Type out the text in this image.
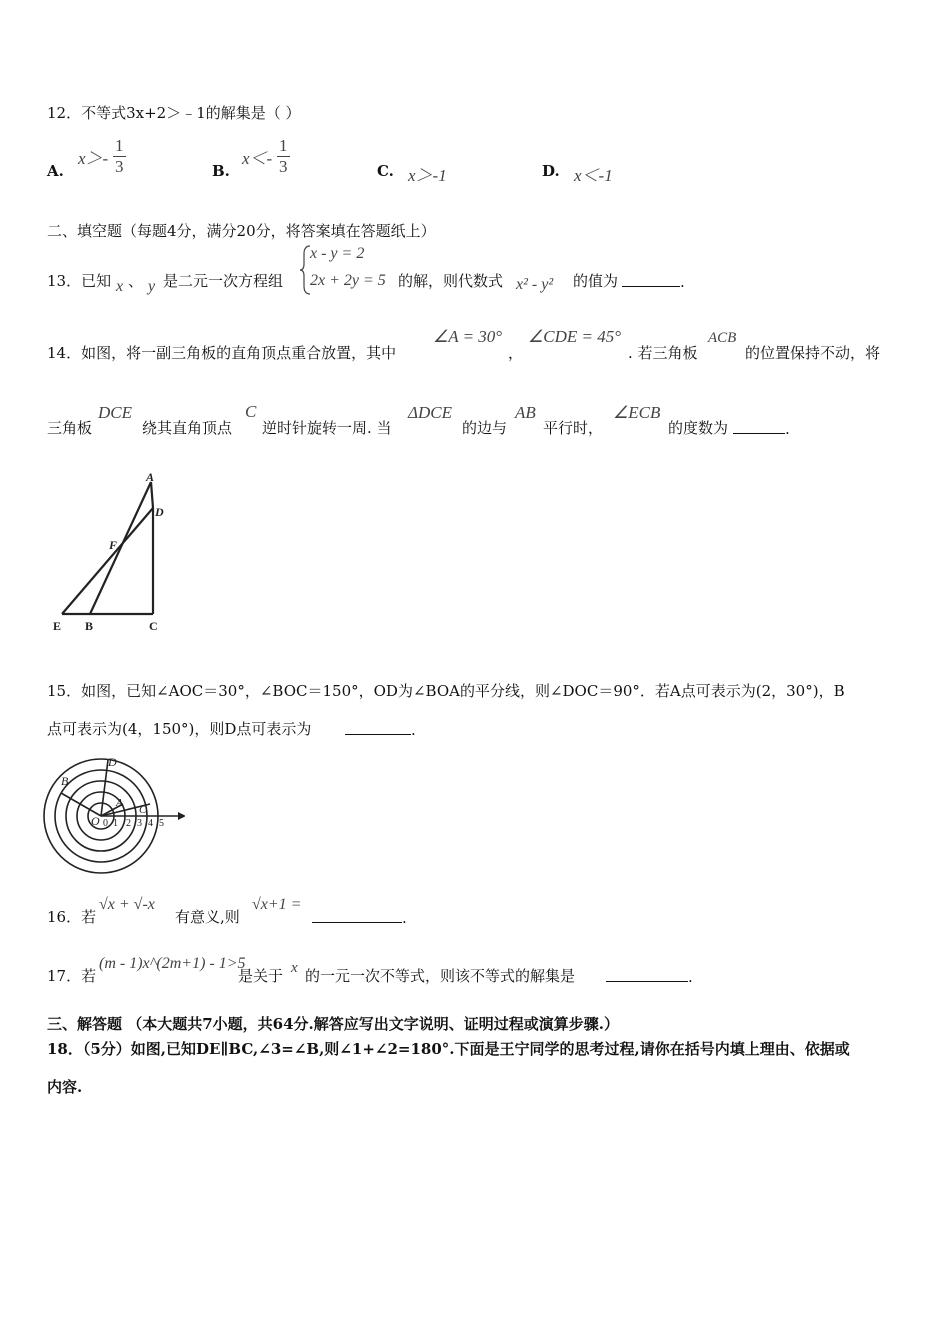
12．不等式3x+2＞﹣1的解集是（ ）
A.
$x>- \frac{1}{3}$	B.
$x<- \frac{1}{3}$	C. x＞-1	D. x＜-1
二、填空题（每题4分，满分20分，将答案填在答题纸上）
13．已知 x 、 y 是二元一次方程组
x - y = 2
2x + 2y = 5 的解，则代数式 x² - y² 的值为	.
14．如图，将一副三角板的直角顶点重合放置，其中
∠A = 30°
，
∠CDE = 45°
. 若三角板
ACB
的位置保持不动，将
三角板
DCE
绕其直角顶点
C
逆时针旋转一周. 当
ΔDCE
的边与
AB
平行时，
∠ECB
的度数为	.
A
D
F
E B	C
15．如图，已知∠AOC＝30°，∠BOC＝150°，OD为∠BOA的平分线，则∠DOC＝90°．若A点可表示为(2，30°)，B
点可表示为(4，150°)，则D点可表示为	.
B
D
A
C
O 0 1 2 3 4 5
16．若
√x + √-x
有意义,则
√x+1 =
.
17．若
(m - 1)x^(2m+1) - 1>5
是关于 x 的一元一次不等式，则该不等式的解集是	.
三、解答题 （本大题共7小题，共64分.解答应写出文字说明、证明过程或演算步骤.）
18．（5分）如图,已知DE∥BC,∠3=∠B,则∠1+∠2=180°.下面是王宁同学的思考过程,请你在括号内填上理由、依据或
内容.
